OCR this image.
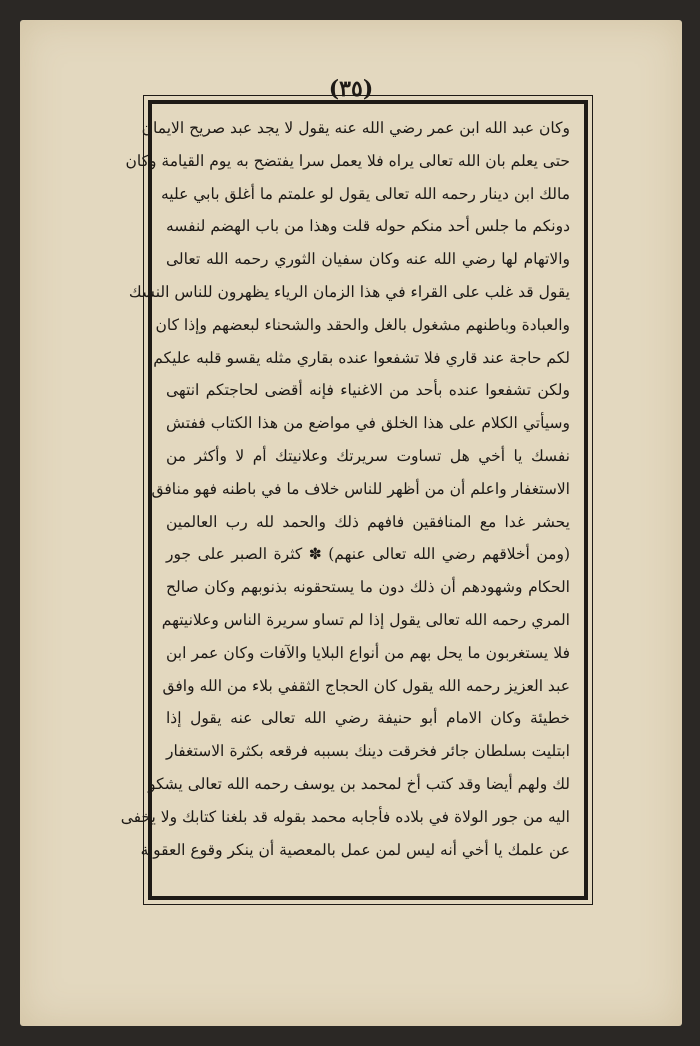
(٣٥)
وكان عبد الله ابن عمر رضي الله عنه يقول لا يجد عبد صريح الايمان
حتى يعلم بان الله تعالى يراه فلا يعمل سرا يفتضح به يوم القيامة وكان
مالك ابن دينار رحمه الله تعالى يقول لو علمتم ما أغلق بابي عليه
دونكم ما جلس أحد منكم حوله قلت وهذا من باب الهضم لنفسه
والاتهام لها رضي الله عنه وكان سفيان الثوري رحمه الله تعالى
يقول قد غلب على القراء في هذا الزمان الرياء يظهرون للناس النسك
والعبادة وباطنهم مشغول بالغل والحقد والشحناء لبعضهم وإذا كان
لكم حاجة عند قاري فلا تشفعوا عنده بقاري مثله يقسو قلبه عليكم
ولكن تشفعوا عنده بأحد من الاغنياء فإنه أقضى لحاجتكم انتهى
وسيأتي الكلام على هذا الخلق في مواضع من هذا الكتاب ففتش
نفسك يا أخي هل تساوت سريرتك وعلانيتك أم لا وأكثر من
الاستغفار واعلم أن من أظهر للناس خلاف ما في باطنه فهو منافق
يحشر غدا مع المنافقين فافهم ذلك والحمد لله رب العالمين
(ومن أخلاقهم رضي الله تعالى عنهم) ✽ كثرة الصبر على جور
الحكام وشهودهم أن ذلك دون ما يستحقونه بذنوبهم وكان صالح
المري رحمه الله تعالى يقول إذا لم تساو سريرة الناس وعلانيتهم
فلا يستغربون ما يحل بهم من أنواع البلايا والآفات وكان عمر ابن
عبد العزيز رحمه الله يقول كان الحجاج الثقفي بلاء من الله وافق
خطيئة وكان الامام أبو حنيفة رضي الله تعالى عنه يقول إذا
ابتليت بسلطان جائر فخرقت دينك بسببه فرقعه بكثرة الاستغفار
لك ولهم أيضا وقد كتب أخ لمحمد بن يوسف رحمه الله تعالى يشكو
اليه من جور الولاة في بلاده فأجابه محمد بقوله قد بلغنا كتابك ولا يخفى
عن علمك يا أخي أنه ليس لمن عمل بالمعصية أن ينكر وقوع العقوبة
